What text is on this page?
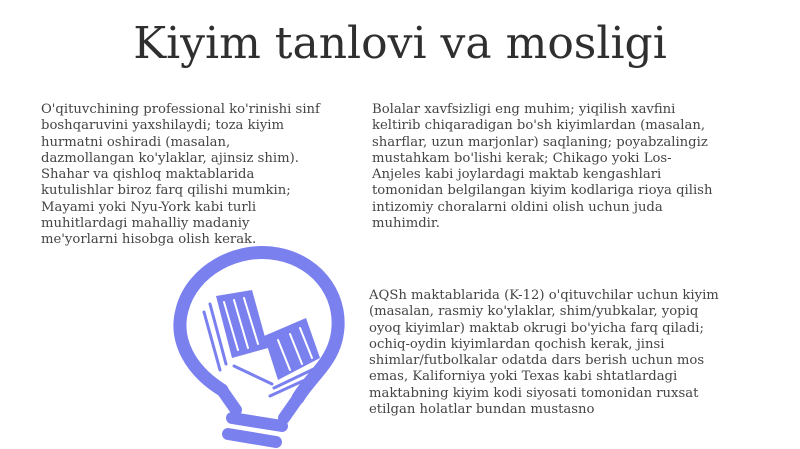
Kiyim tanlovi va mosligi
O'qituvchining professional ko'rinishi sinf
boshqaruvini yaxshilaydi; toza kiyim
hurmatni oshiradi (masalan,
dazmollangan ko'ylaklar, ajinsiz shim).
Shahar va qishloq maktablarida
kutulishlar biroz farq qilishi mumkin;
Mayami yoki Nyu-York kabi turli
muhitlardagi mahalliy madaniy
me'yorlarni hisobga olish kerak.
Bolalar xavfsizligi eng muhim; yiqilish xavfini
keltirib chiqaradigan bo'sh kiyimlardan (masalan,
sharflar, uzun marjonlar) saqlaning; poyabzalingiz
mustahkam bo'lishi kerak; Chikago yoki Los-
Anjeles kabi joylardagi maktab kengashlari
tomonidan belgilangan kiyim kodlariga rioya qilish
intizomiy choralarni oldini olish uchun juda
muhimdir.
AQSh maktablarida (K-12) o'qituvchilar uchun kiyim
(masalan, rasmiy ko'ylaklar, shim/yubkalar, yopiq
oyoq kiyimlar) maktab okrugi bo'yicha farq qiladi;
ochiq-oydin kiyimlardan qochish kerak, jinsi
shimlar/futbolkalar odatda dars berish uchun mos
emas, Kaliforniya yoki Texas kabi shtatlardagi
maktabning kiyim kodi siyosati tomonidan ruxsat
etilgan holatlar bundan mustasno
